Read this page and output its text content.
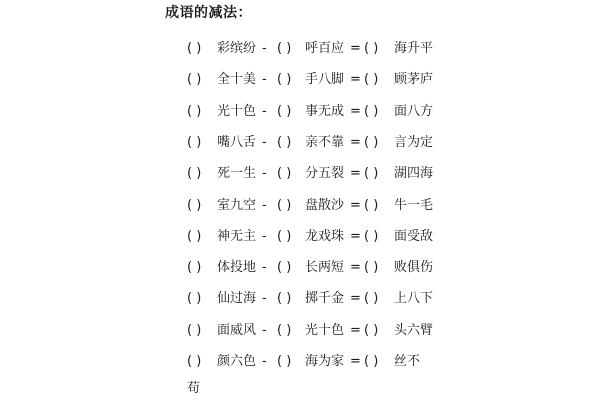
成语的减法：
( ) 彩缤纷 - ( ) 呼百应 = ( ) 海升平
( ) 全十美 - ( ) 手八脚 = ( ) 顾茅庐
( ) 光十色 - ( ) 事无成 = ( ) 面八方
( ) 嘴八舌 - ( ) 亲不靠 = ( ) 言为定
( ) 死一生 - ( ) 分五裂 = ( ) 湖四海
( ) 室九空 - ( ) 盘散沙 = ( ) 牛一毛
( ) 神无主 - ( ) 龙戏珠 = ( ) 面受敌
( ) 体投地 - ( ) 长两短 = ( ) 败俱伤
( ) 仙过海 - ( ) 掷千金 = ( ) 上八下
( ) 面威风 - ( ) 光十色 = ( ) 头六臂
( ) 颜六色 - ( ) 海为家 = ( ) 丝不
苟
